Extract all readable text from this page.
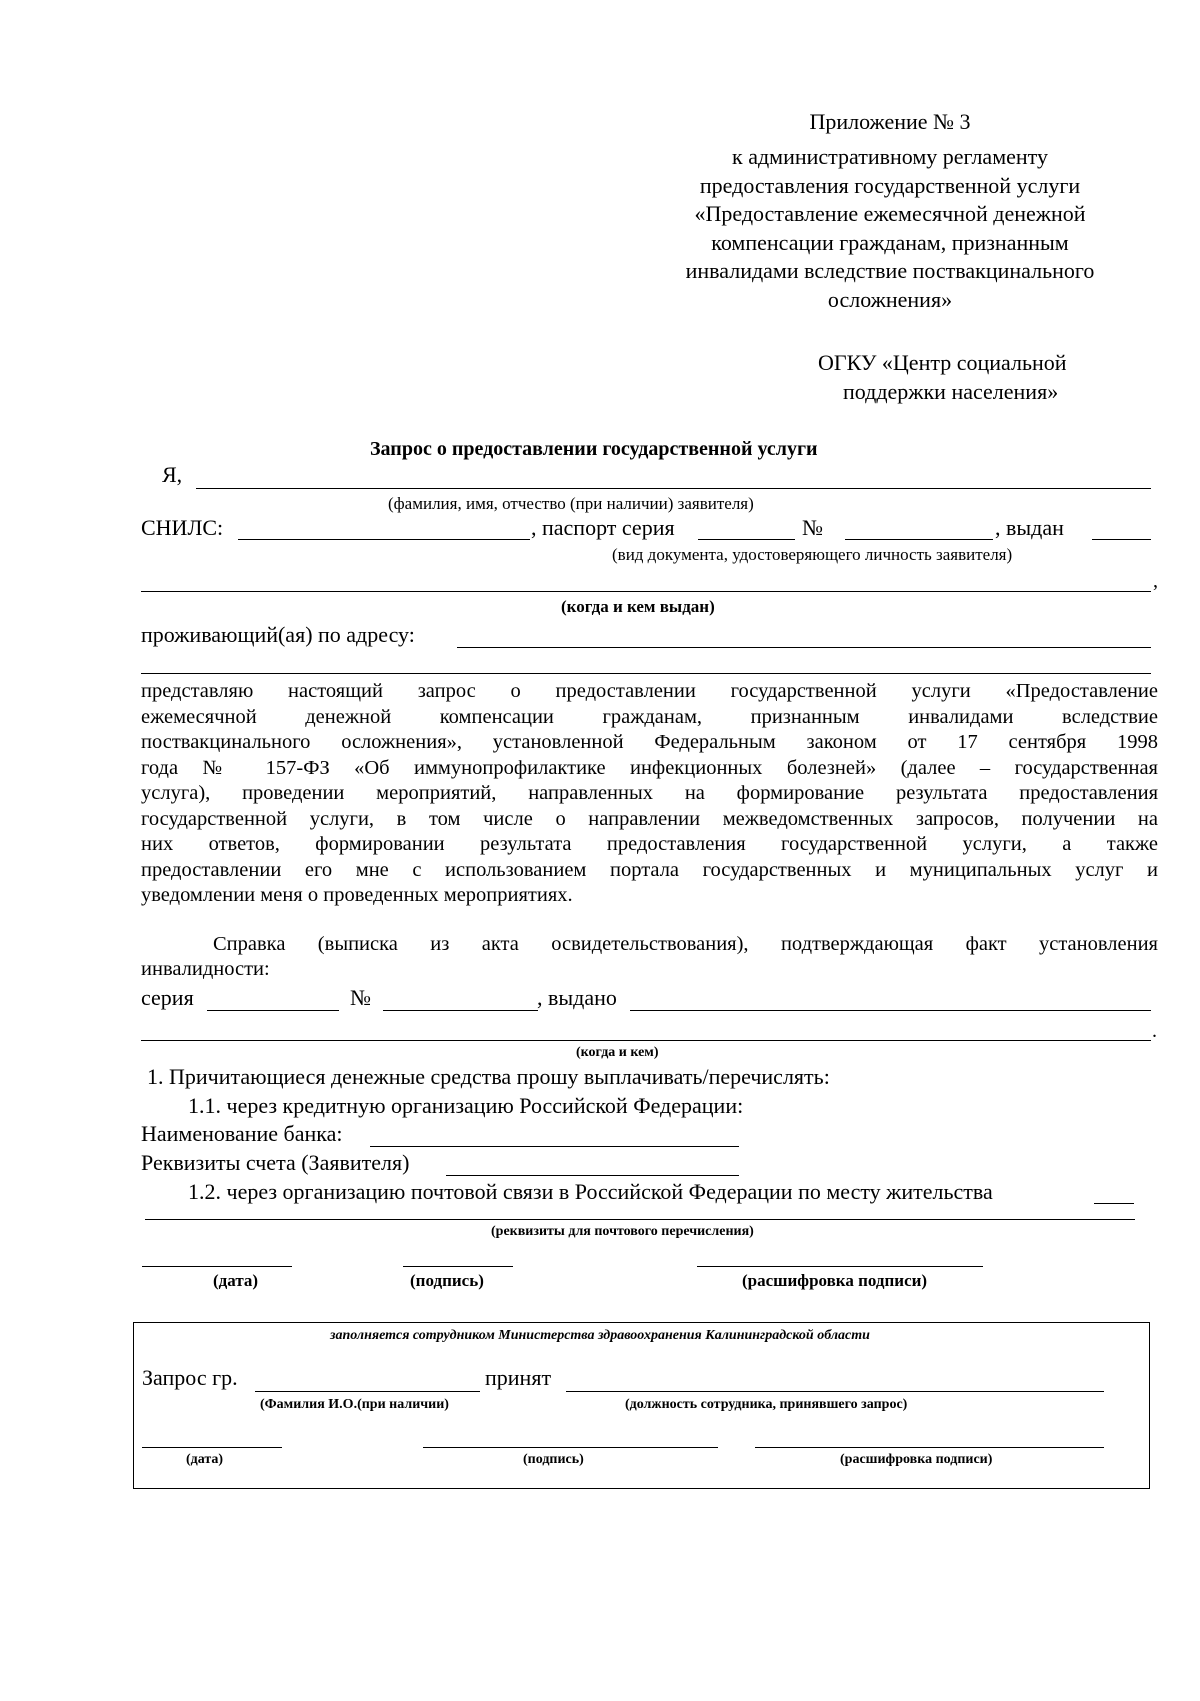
Приложение № 3
к административному регламенту
предоставления государственной услуги
«Предоставление ежемесячной денежной
компенсации гражданам, признанным
инвалидами вследствие поствакцинального
осложнения»
ОГКУ «Центр социальной
поддержки населения»
Запрос о предоставлении государственной услуги
Я,
(фамилия, имя, отчество (при наличии) заявителя)
СНИЛС:	, паспорт серия	№	, выдан
(вид документа, удостоверяющего личность заявителя)
,
(когда и кем выдан)
проживающий(ая) по адресу:
представляю настоящий запрос о предоставлении государственной услуги «Предоставление
ежемесячной денежной компенсации гражданам, признанным инвалидами вследствие
поствакцинального осложнения», установленной Федеральным законом от 17 сентября 1998
года № 157-ФЗ «Об иммунопрофилактике инфекционных болезней» (далее – государственная
услуга), проведении мероприятий, направленных на формирование результата предоставления
государственной услуги, в том числе о направлении межведомственных запросов, получении на
них ответов, формировании результата предоставления государственной услуги, а также
предоставлении его мне с использованием портала государственных и муниципальных услуг и
уведомлении меня о проведенных мероприятиях.
Справка (выписка из акта освидетельствования), подтверждающая факт установления
инвалидности:
серия	№	, выдано
.
(когда и кем)
1. Причитающиеся денежные средства прошу выплачивать/перечислять:
1.1. через кредитную организацию Российской Федерации:
Наименование банка:
Реквизиты счета (Заявителя)
1.2. через организацию почтовой связи в Российской Федерации по месту жительства
(реквизиты для почтового перечисления)
(дата)	(подпись)	(расшифровка подписи)
заполняется сотрудником Министерства здравоохранения Калининградской области
Запрос гр.	принят
(Фамилия И.О.(при наличии)	(должность сотрудника, принявшего запрос)
(дата)	(подпись)	(расшифровка подписи)
